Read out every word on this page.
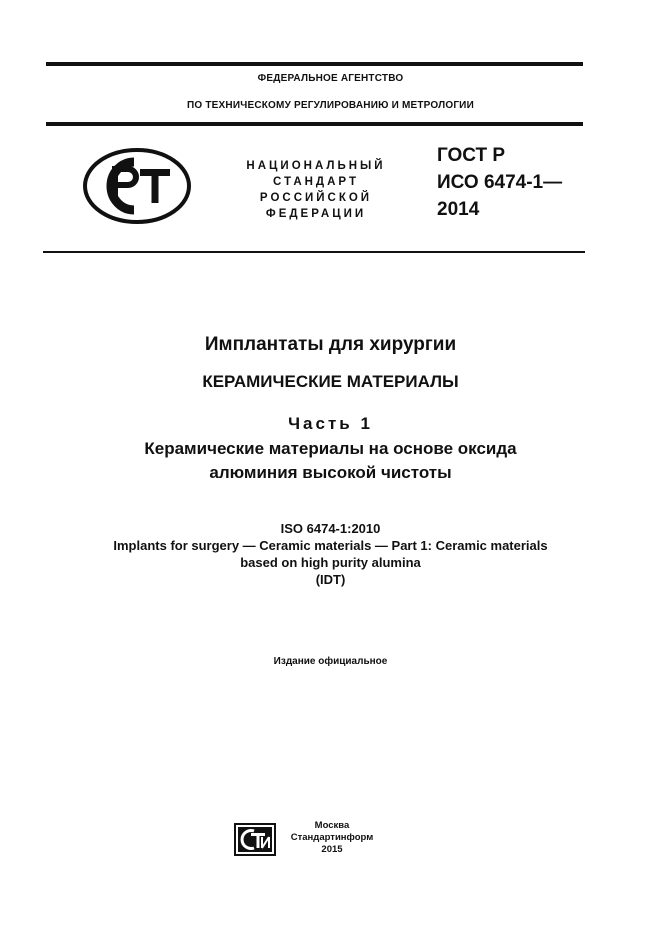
ФЕДЕРАЛЬНОЕ АГЕНТСТВО
ПО ТЕХНИЧЕСКОМУ РЕГУЛИРОВАНИЮ И МЕТРОЛОГИИ
НАЦИОНАЛЬНЫЙ
СТАНДАРТ
РОССИЙСКОЙ
ФЕДЕРАЦИИ
ГОСТ Р
ИСО 6474-1—
2014
Имплантаты для хирургии
КЕРАМИЧЕСКИЕ МАТЕРИАЛЫ
Часть 1
Керамические материалы на основе оксида
алюминия высокой чистоты
ISO 6474-1:2010
Implants for surgery — Ceramic materials — Part 1: Ceramic materials
based on high purity alumina
(IDT)
Издание официальное
Москва
Стандартинформ
2015
